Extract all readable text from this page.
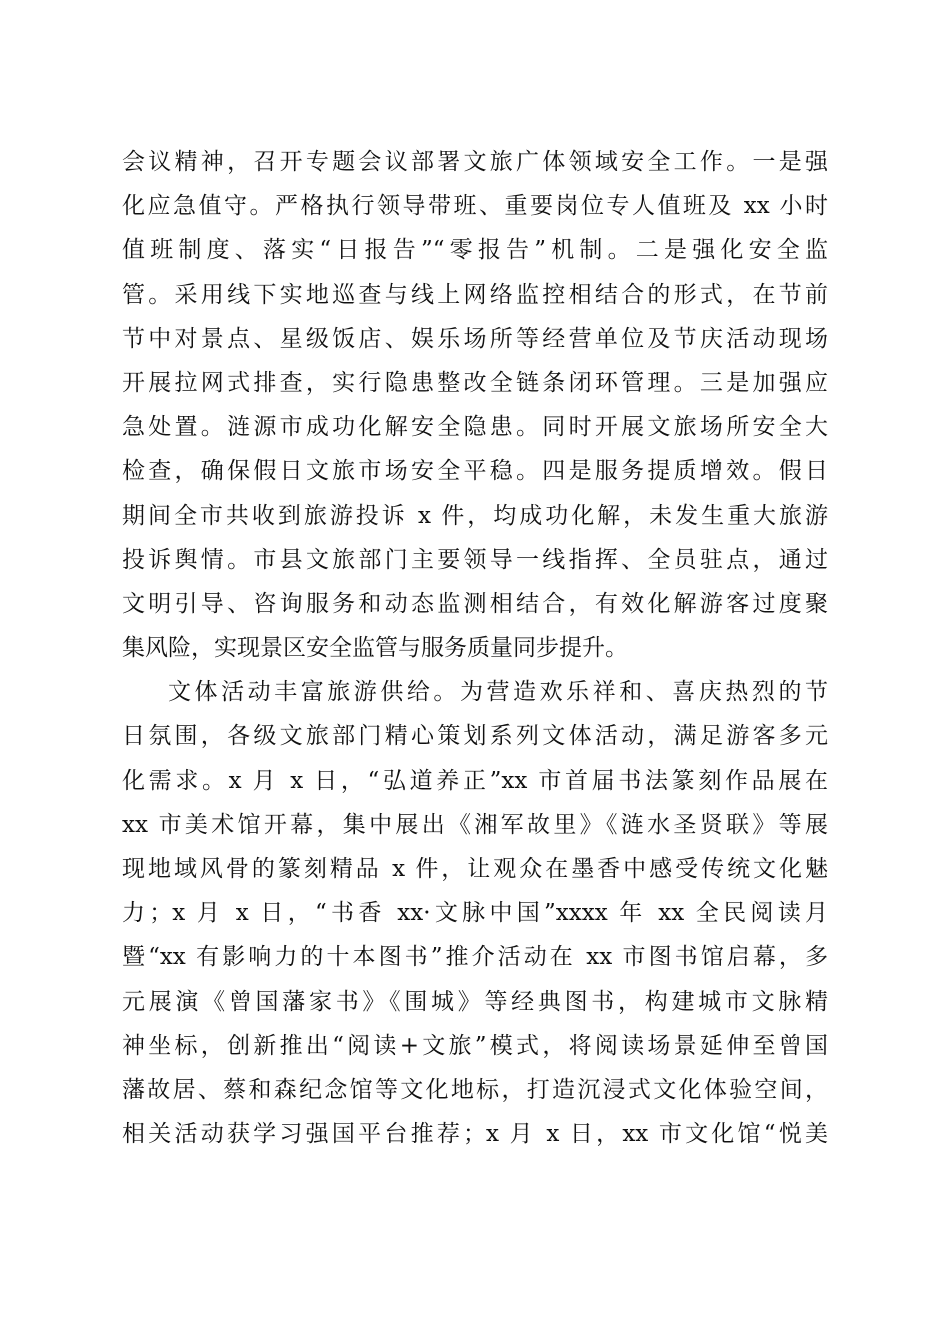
会议精神，召开专题会议部署文旅广体领域安全工作。一是强
化应急值守。严格执行领导带班、重要岗位专人值班及 xx 小时
值班制度、落实“日报告”“零报告”机制。二是强化安全监
管。采用线下实地巡查与线上网络监控相结合的形式，在节前
节中对景点、星级饭店、娱乐场所等经营单位及节庆活动现场
开展拉网式排查，实行隐患整改全链条闭环管理。三是加强应
急处置。涟源市成功化解安全隐患。同时开展文旅场所安全大
检查，确保假日文旅市场安全平稳。四是服务提质增效。假日
期间全市共收到旅游投诉 x 件，均成功化解，未发生重大旅游
投诉舆情。市县文旅部门主要领导一线指挥、全员驻点，通过
文明引导、咨询服务和动态监测相结合，有效化解游客过度聚
集风险，实现景区安全监管与服务质量同步提升。
文体活动丰富旅游供给。为营造欢乐祥和、喜庆热烈的节
日氛围，各级文旅部门精心策划系列文体活动，满足游客多元
化需求。x 月 x 日，“弘道养正”xx 市首届书法篆刻作品展在
xx 市美术馆开幕，集中展出《湘军故里》《涟水圣贤联》等展
现地域风骨的篆刻精品 x 件，让观众在墨香中感受传统文化魅
力；x 月 x 日，“书香 xx·文脉中国”xxxx 年 xx 全民阅读月
暨“xx 有影响力的十本图书”推介活动在 xx 市图书馆启幕，多
元展演《曾国藩家书》《围城》等经典图书，构建城市文脉精
神坐标，创新推出“阅读+文旅”模式，将阅读场景延伸至曾国
藩故居、蔡和森纪念馆等文化地标，打造沉浸式文化体验空间，
相关活动获学习强国平台推荐；x 月 x 日，xx 市文化馆“悦美
